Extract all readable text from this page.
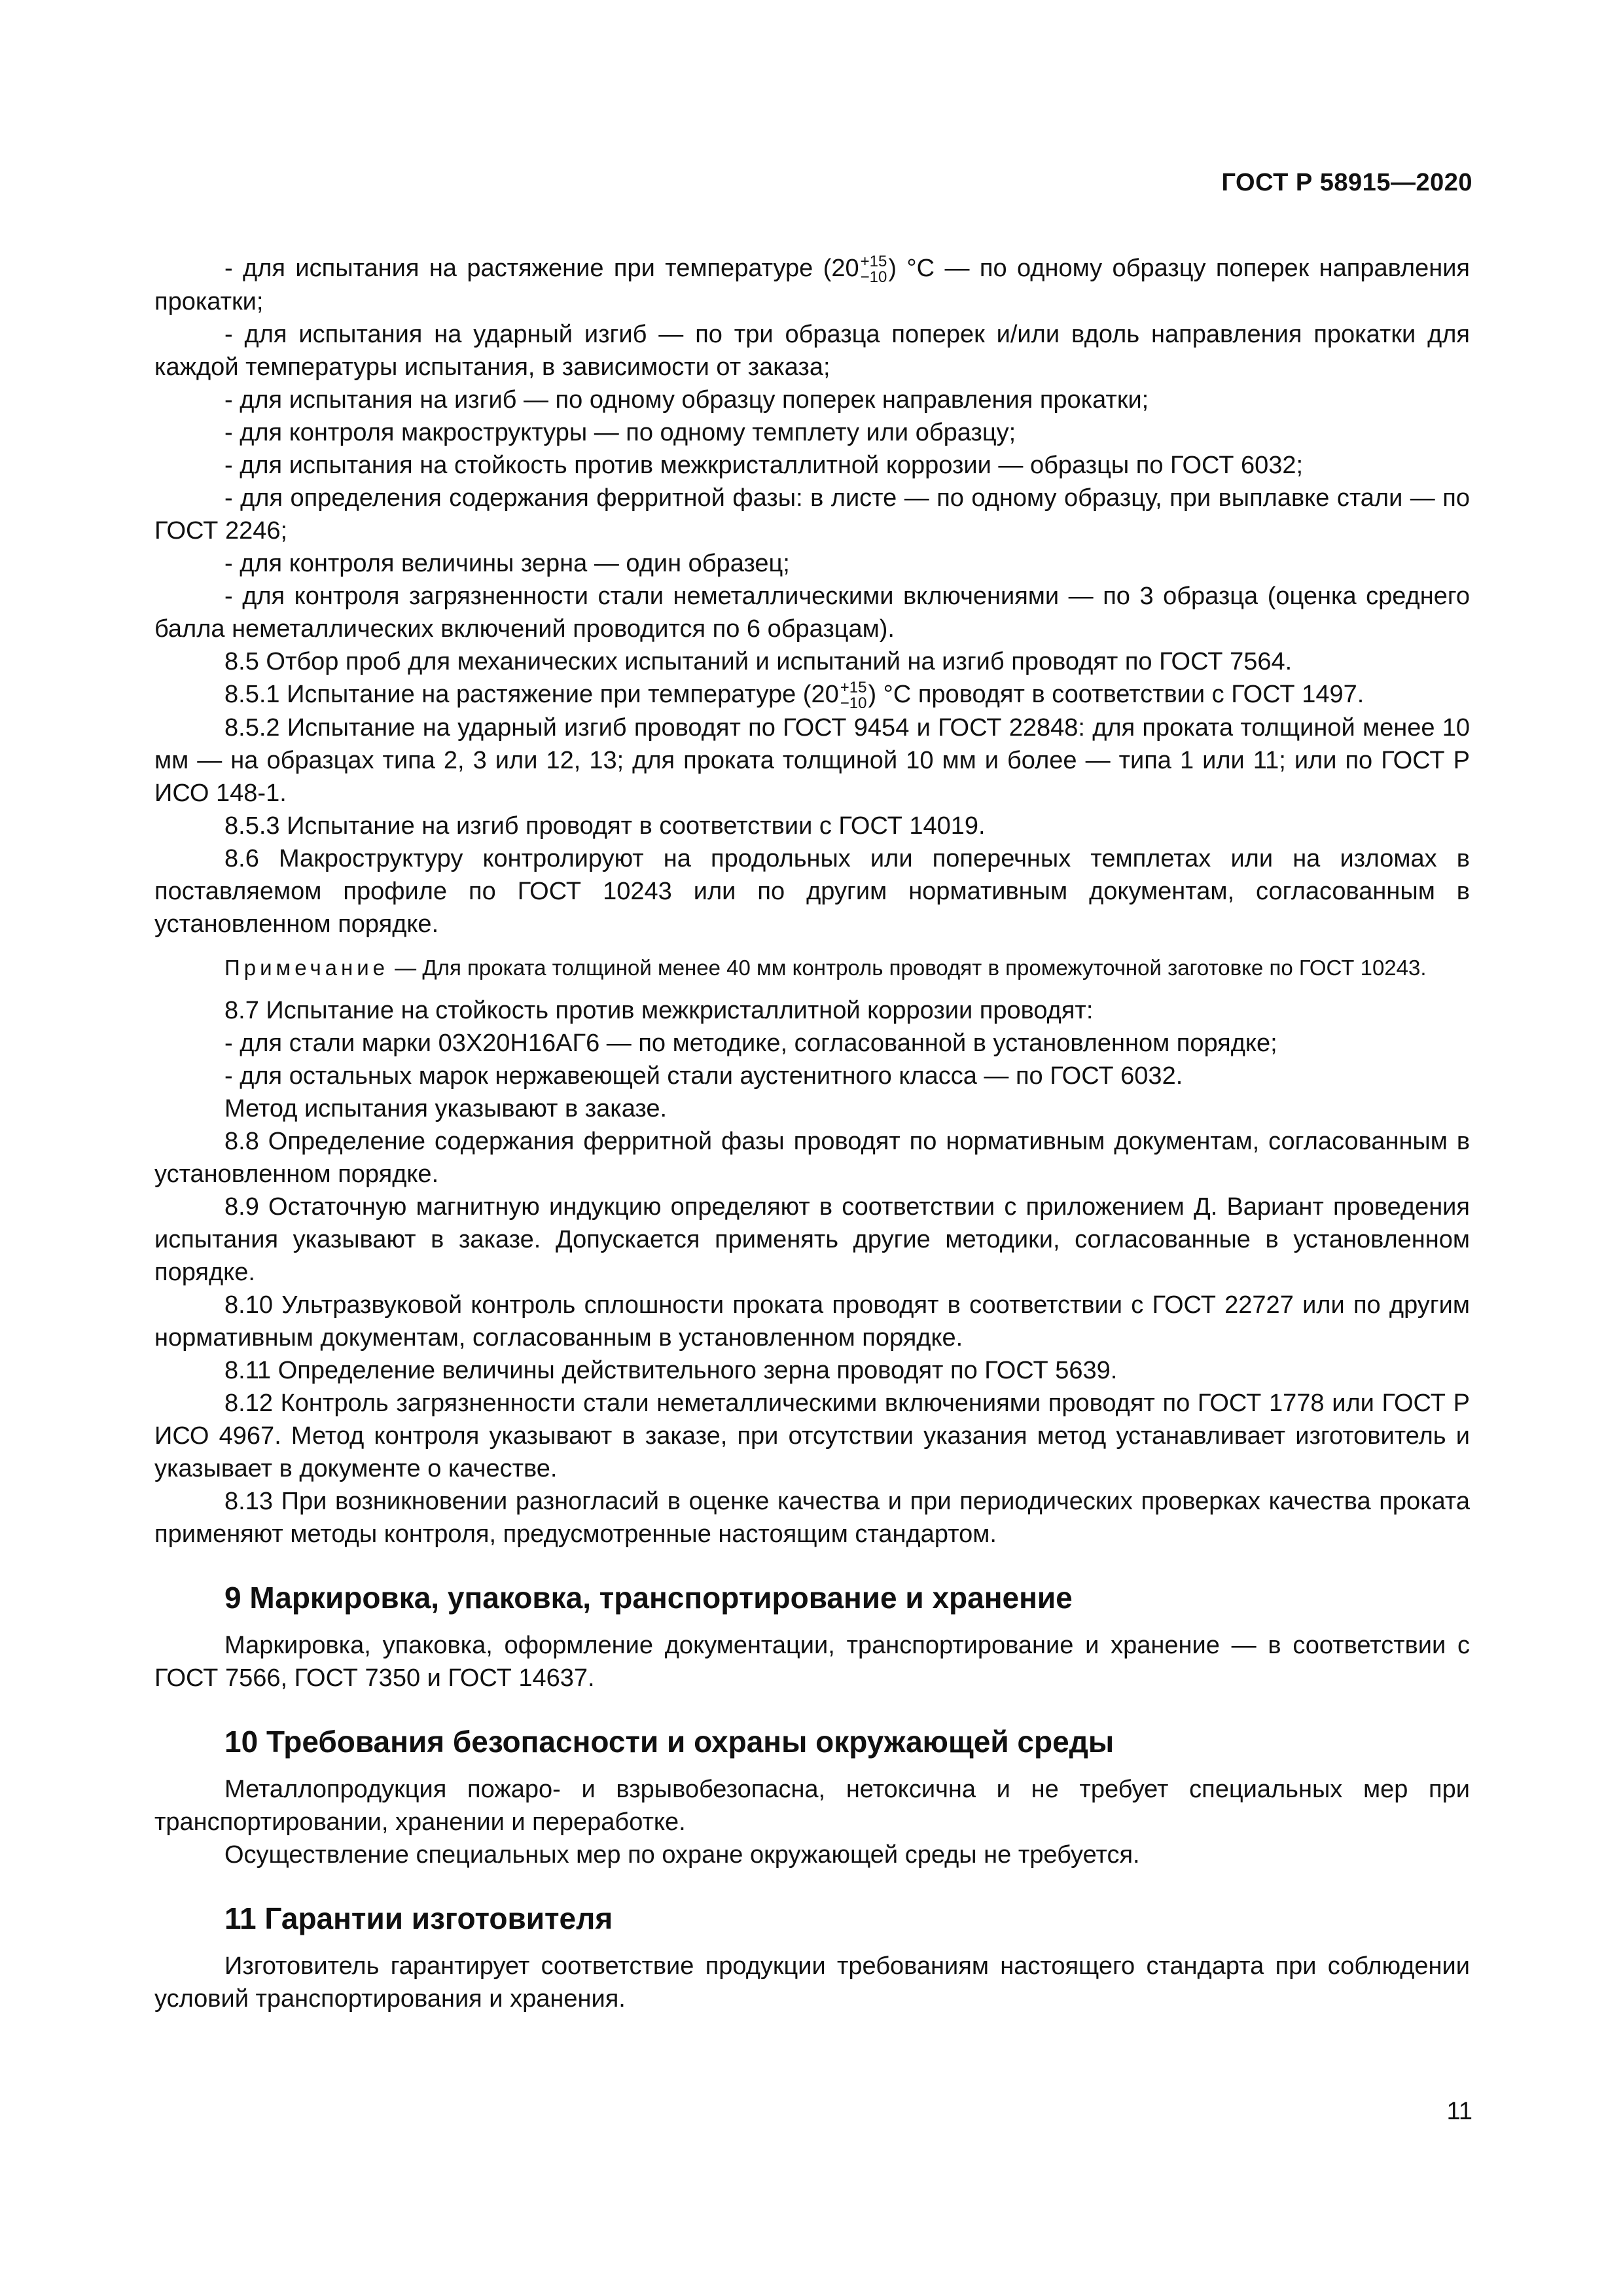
ГОСТ Р 58915—2020

- для испытания на растяжение при температуре (20 +15
−10 ) °С — по одному образцу поперек направления прокатки;

- для испытания на ударный изгиб — по три образца поперек и/или вдоль направления прокатки для каждой температуры испытания, в зависимости от заказа;

- для испытания на изгиб — по одному образцу поперек направления прокатки;

- для контроля макроструктуры — по одному темплету или образцу;

- для испытания на стойкость против межкристаллитной коррозии — образцы по ГОСТ 6032;

- для определения содержания ферритной фазы: в листе — по одному образцу, при выплавке стали — по ГОСТ 2246;

- для контроля величины зерна — один образец;

- для контроля загрязненности стали неметаллическими включениями — по 3 образца (оценка среднего балла неметаллических включений проводится по 6 образцам).

8.5 Отбор проб для механических испытаний и испытаний на изгиб проводят по ГОСТ 7564.

8.5.1 Испытание на растяжение при температуре (20 +15
−10 ) °С проводят в соответствии с ГОСТ 1497.

8.5.2 Испытание на ударный изгиб проводят по ГОСТ 9454 и ГОСТ 22848: для проката толщиной менее 10 мм — на образцах типа 2, 3 или 12, 13; для проката толщиной 10 мм и более — типа 1 или 11; или по ГОСТ Р ИСО 148-1.

8.5.3 Испытание на изгиб проводят в соответствии с ГОСТ 14019.

8.6 Макроструктуру контролируют на продольных или поперечных темплетах или на изломах в поставляемом профиле по ГОСТ 10243 или по другим нормативным документам, согласованным в установленном порядке.

Примечание — Для проката толщиной менее 40 мм контроль проводят в промежуточной заготовке по ГОСТ 10243.

8.7 Испытание на стойкость против межкристаллитной коррозии проводят:

- для стали марки 03Х20Н16АГ6 — по методике, согласованной в установленном порядке;

- для остальных марок нержавеющей стали аустенитного класса — по ГОСТ 6032.

Метод испытания указывают в заказе.

8.8 Определение содержания ферритной фазы проводят по нормативным документам, согласованным в установленном порядке.

8.9 Остаточную магнитную индукцию определяют в соответствии с приложением Д. Вариант проведения испытания указывают в заказе. Допускается применять другие методики, согласованные в установленном порядке.

8.10 Ультразвуковой контроль сплошности проката проводят в соответствии с ГОСТ 22727 или по другим нормативным документам, согласованным в установленном порядке.

8.11 Определение величины действительного зерна проводят по ГОСТ 5639.

8.12 Контроль загрязненности стали неметаллическими включениями проводят по ГОСТ 1778 или ГОСТ Р ИСО 4967. Метод контроля указывают в заказе, при отсутствии указания метод устанавливает изготовитель и указывает в документе о качестве.

8.13 При возникновении разногласий в оценке качества и при периодических проверках качества проката применяют методы контроля, предусмотренные настоящим стандартом.

9 Маркировка, упаковка, транспортирование и хранение

Маркировка, упаковка, оформление документации, транспортирование и хранение — в соответствии с ГОСТ 7566, ГОСТ 7350 и ГОСТ 14637.

10 Требования безопасности и охраны окружающей среды

Металлопродукция пожаро- и взрывобезопасна, нетоксична и не требует специальных мер при транспортировании, хранении и переработке.

Осуществление специальных мер по охране окружающей среды не требуется.

11 Гарантии изготовителя

Изготовитель гарантирует соответствие продукции требованиям настоящего стандарта при соблюдении условий транспортирования и хранения.

11
